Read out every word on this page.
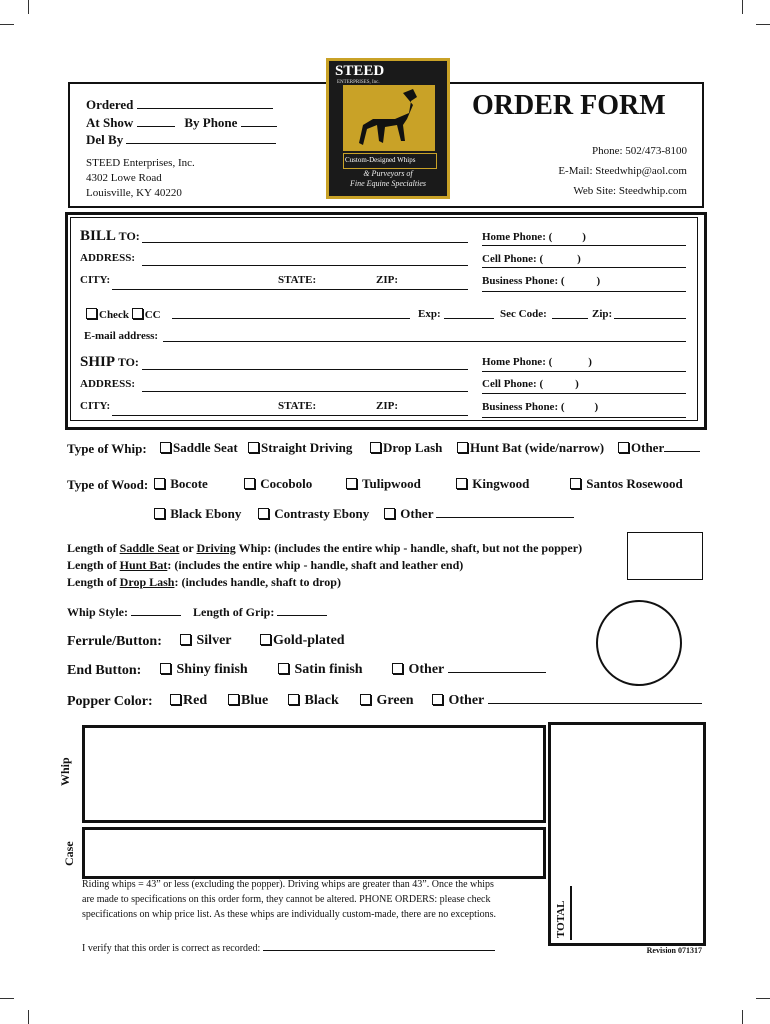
STEED
ENTERPRISES, Inc.
Custom-Designed Whips
& Purveyors of
Fine Equine Specialties
Ordered
At Show	By Phone
Del By
STEED Enterprises, Inc.
4302 Lowe Road
Louisville, KY 40220
ORDER FORM
Phone: 502/473-8100
E-Mail: Steedwhip@aol.com
Web Site: Steedwhip.com
BILL TO:	Home Phone: (	)
ADDRESS:	Cell Phone: (	)
CITY:	STATE:	ZIP:	Business Phone: (	)
Check CC	Exp:	Sec Code:	Zip:
E-mail address:
SHIP TO:	Home Phone: (	)
ADDRESS:	Cell Phone: (	)
CITY:	STATE:	ZIP:	Business Phone: (	)
Type of Whip:	Saddle Seat	Straight Driving	Drop Lash	Hunt Bat (wide/narrow)	Other
Type of Wood:	Bocote	Cocobolo	Tulipwood	Kingwood	Santos Rosewood
Black Ebony	Contrasty Ebony	Other
Length of Saddle Seat or Driving Whip: (includes the entire whip - handle, shaft, but not the popper)
Length of Hunt Bat: (includes the entire whip - handle, shaft and leather end)
Length of Drop Lash: (includes handle, shaft to drop)
Whip Style:	Length of Grip:
Ferrule/Button:	Silver	Gold-plated
End Button:	Shiny finish	Satin finish	Other
Popper Color:	Red	Blue	Black	Green	Other
Whip
Case
TOTAL
Riding whips = 43” or less (excluding the popper). Driving whips are greater than 43”. Once the whips
are made to specifications on this order form, they cannot be altered. PHONE ORDERS: please check
specifications on whip price list. As these whips are individually custom-made, there are no exceptions.
I verify that this order is correct as recorded:	Revision 071317
